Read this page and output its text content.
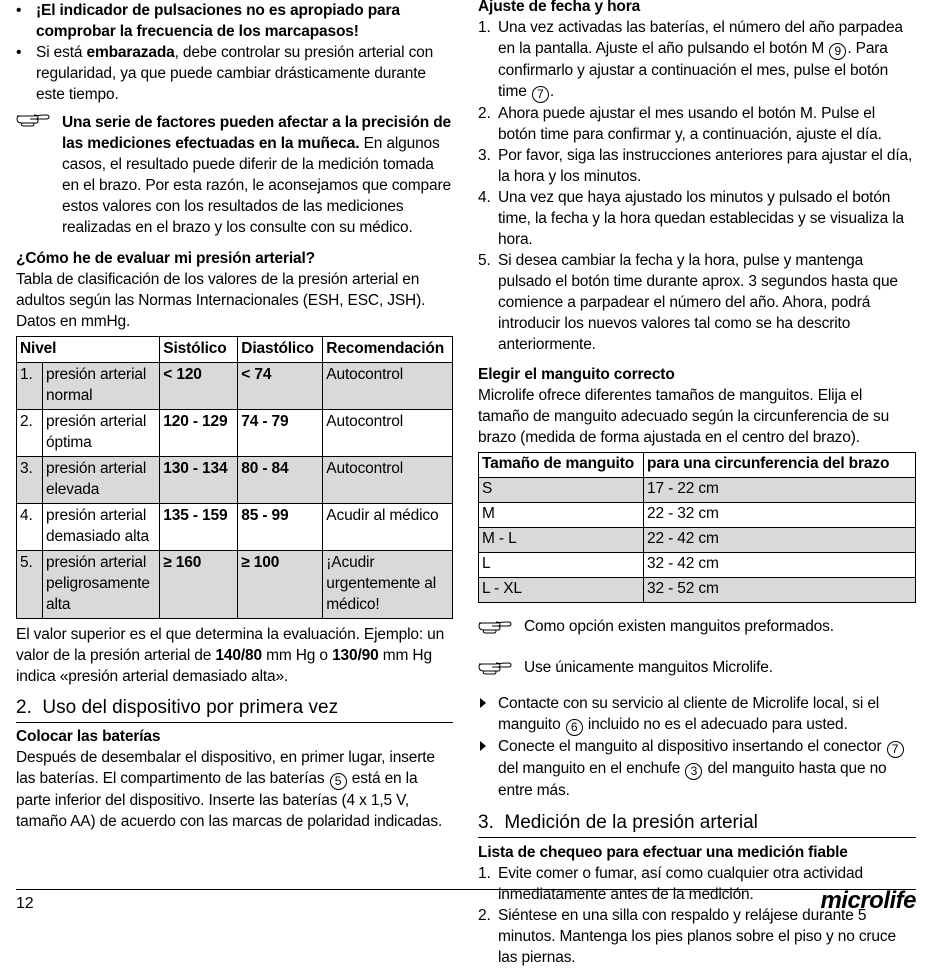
• ¡El indicador de pulsaciones no es apropiado para comprobar la frecuencia de los marcapasos!
• Si está embarazada, debe controlar su presión arterial con regularidad, ya que puede cambiar drásticamente durante este tiempo.

Una serie de factores pueden afectar a la precisión de las mediciones efectuadas en la muñeca. En algunos casos, el resultado puede diferir de la medición tomada en el brazo. Por esta razón, le aconsejamos que compare estos valores con los resultados de las mediciones realizadas en el brazo y los consulte con su médico.

¿Cómo he de evaluar mi presión arterial?

Tabla de clasificación de los valores de la presión arterial en adultos según las Normas Internacionales (ESH, ESC, JSH). Datos en mmHg.

Nivel		Sistólico	Diastólico	Recomendación
1.	presión arterial normal	< 120	< 74	Autocontrol
2.	presión arterial óptima	120 - 129	74 - 79	Autocontrol
3.	presión arterial elevada	130 - 134	80 - 84	Autocontrol
4.	presión arterial demasiado alta	135 - 159	85 - 99	Acudir al médico
5.	presión arterial peligrosamente alta	≥ 160	≥ 100	¡Acudir urgentemente al médico!

El valor superior es el que determina la evaluación. Ejemplo: un valor de la presión arterial de 140/80 mm Hg o 130/90 mm Hg indica «presión arterial demasiado alta».

2.  Uso del dispositivo por primera vez

Colocar las baterías

Después de desembalar el dispositivo, en primer lugar, inserte las baterías. El compartimento de las baterías 5 está en la parte inferior del dispositivo. Inserte las baterías (4 x 1,5 V, tamaño AA) de acuerdo con las marcas de polaridad indicadas.

Ajuste de fecha y hora

1. Una vez activadas las baterías, el número del año parpadea en la pantalla. Ajuste el año pulsando el botón M 9 . Para confirmarlo y ajustar a continuación el mes, pulse el botón time 7 .
2. Ahora puede ajustar el mes usando el botón M. Pulse el botón time para confirmar y, a continuación, ajuste el día.
3. Por favor, siga las instrucciones anteriores para ajustar el día, la hora y los minutos.
4. Una vez que haya ajustado los minutos y pulsado el botón time, la fecha y la hora quedan establecidas y se visualiza la hora.
5. Si desea cambiar la fecha y la hora, pulse y mantenga pulsado el botón time durante aprox. 3 segundos hasta que comience a parpadear el número del año. Ahora, podrá introducir los nuevos valores tal como se ha descrito anteriormente.

Elegir el manguito correcto

Microlife ofrece diferentes tamaños de manguitos. Elija el tamaño de manguito adecuado según la circunferencia de su brazo (medida de forma ajustada en el centro del brazo).

Tamaño de manguito	para una circunferencia del brazo
S	17 - 22 cm
M	22 - 32 cm
M - L	22 - 42 cm
L	32 - 42 cm
L - XL	32 - 52 cm

Como opción existen manguitos preformados.

Use únicamente manguitos Microlife.

Contacte con su servicio al cliente de Microlife local, si el manguito 6 incluido no es el adecuado para usted.
Conecte el manguito al dispositivo insertando el conector 7 del manguito en el enchufe 3 del manguito hasta que no entre más.
3.  Medición de la presión arterial

Lista de chequeo para efectuar una medición fiable

1. Evite comer o fumar, así como cualquier otra actividad inmediatamente antes de la medición.
2. Siéntese en una silla con respaldo y relájese durante 5 minutos. Mantenga los pies planos sobre el piso y no cruce las piernas.
12	microlife
